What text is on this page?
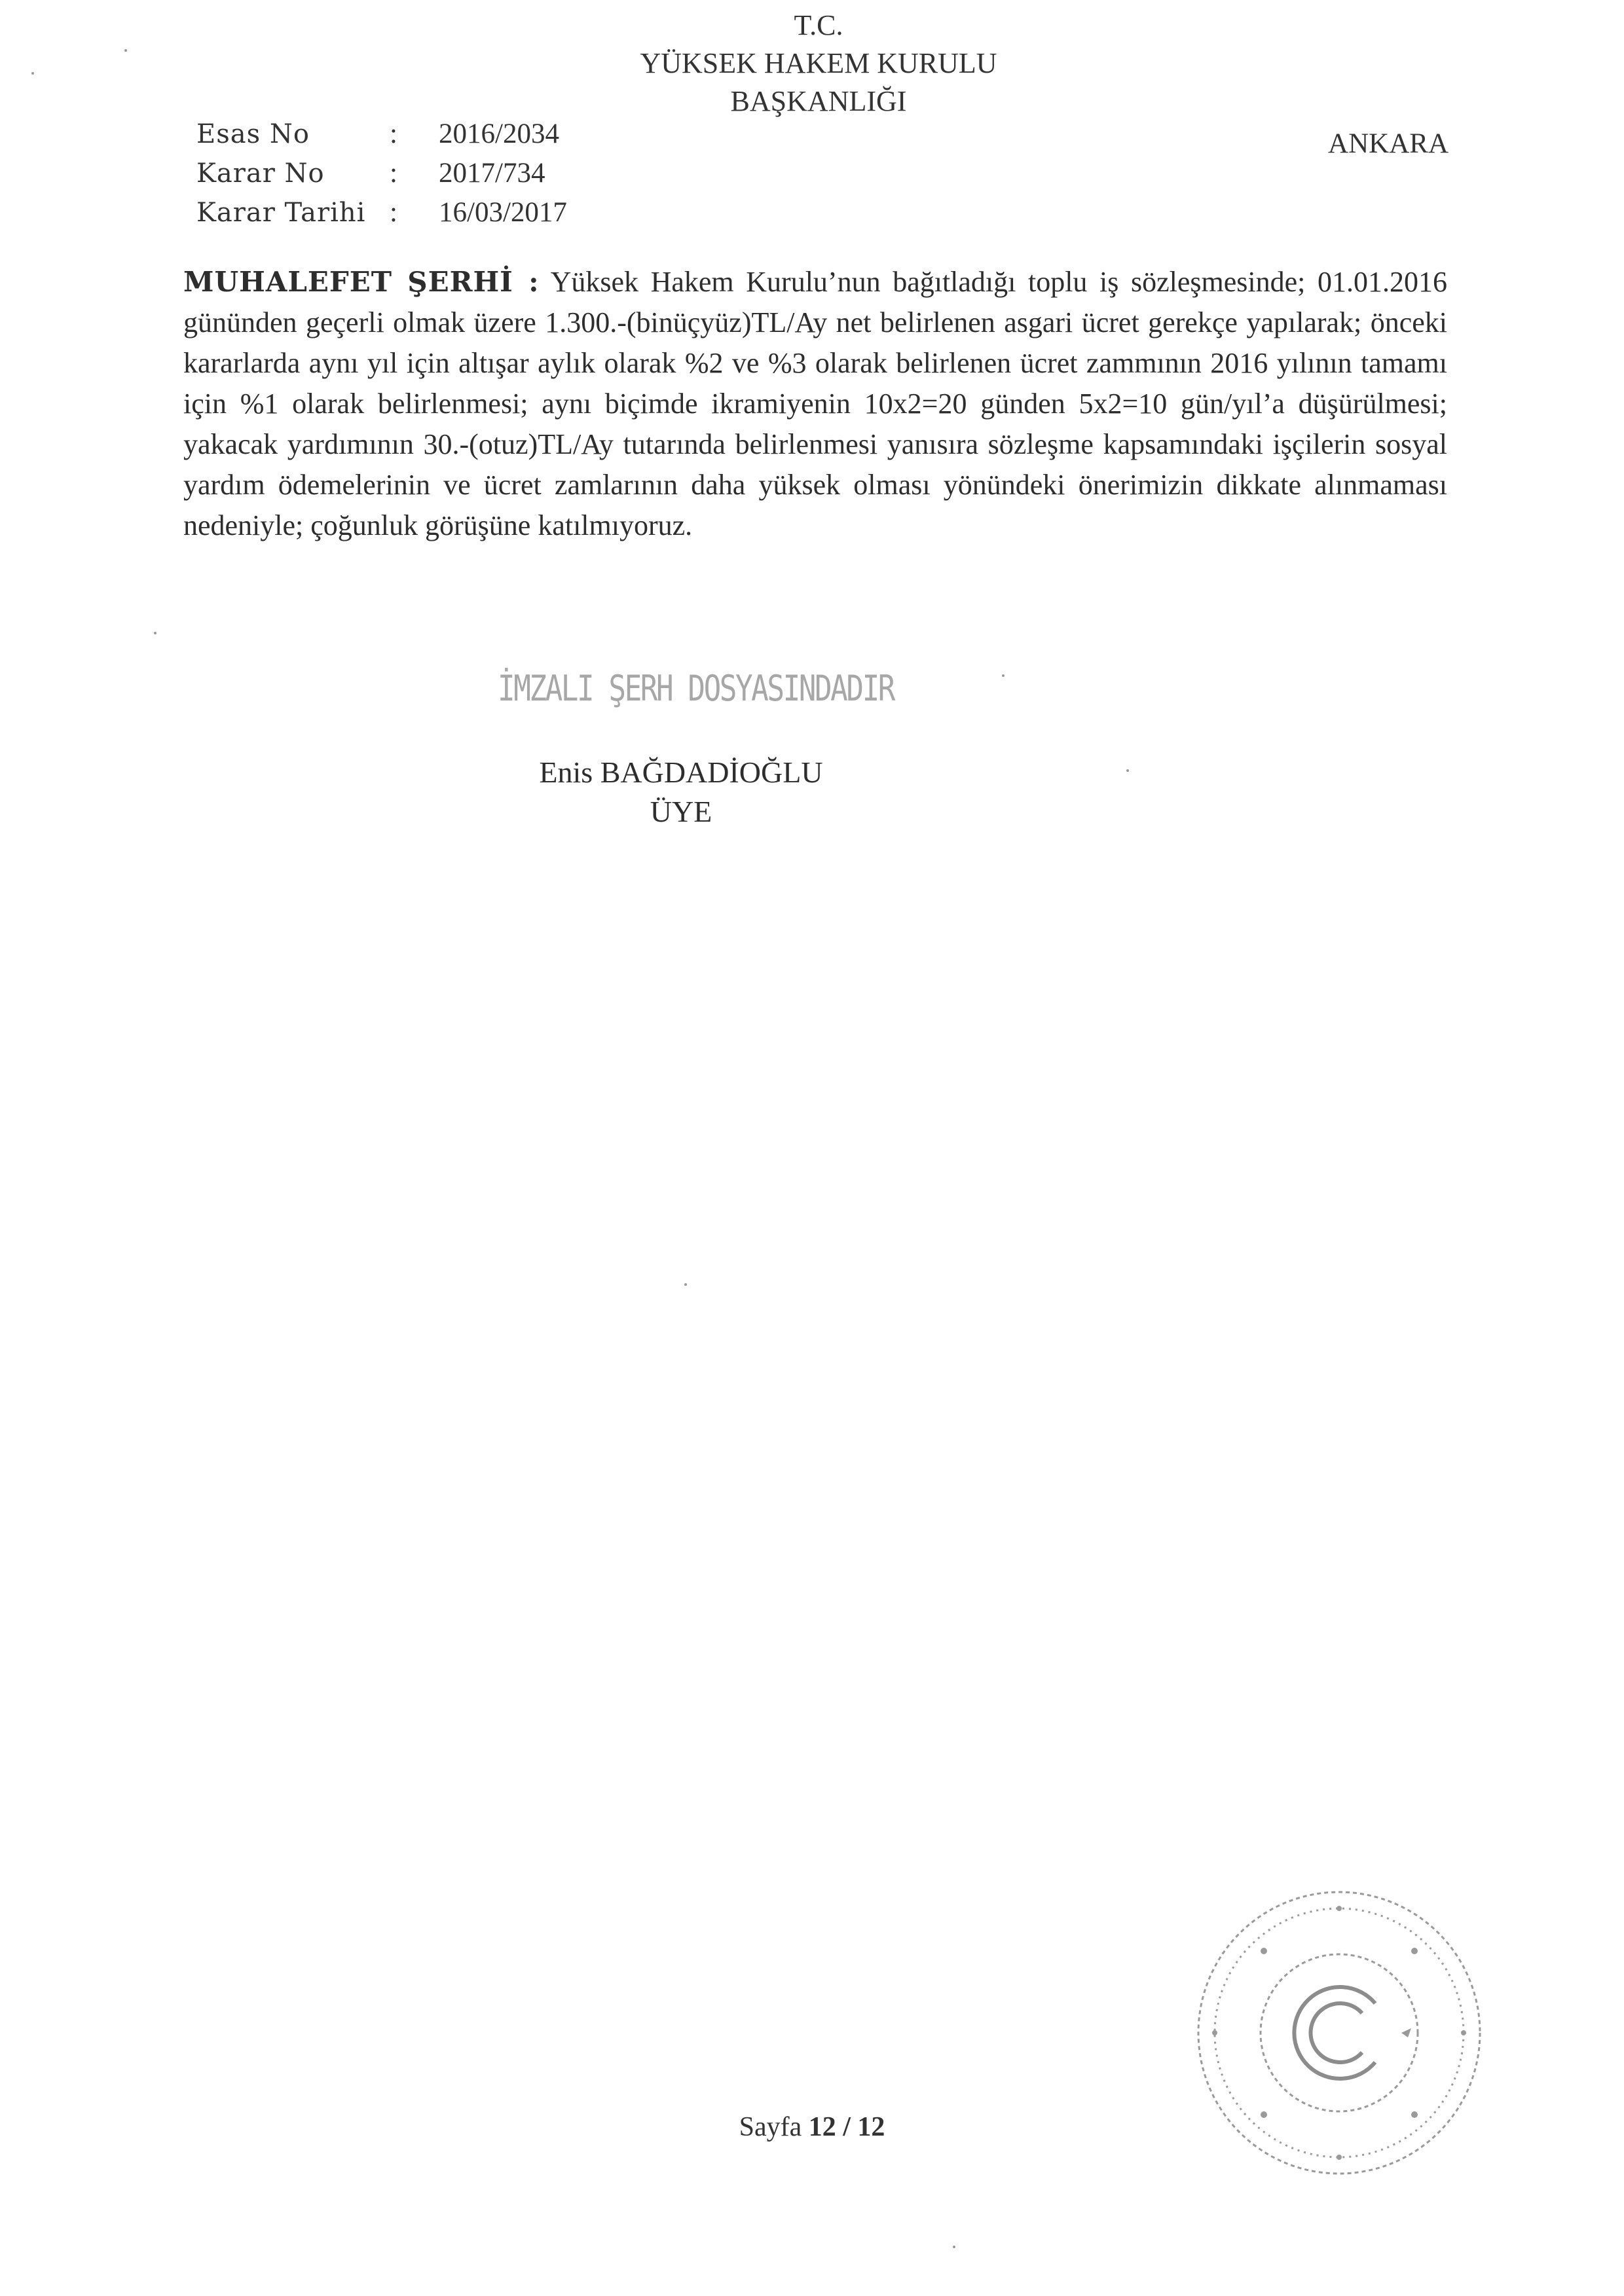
T.C.
YÜKSEK HAKEM KURULU
BAŞKANLIĞI
Esas No	:	2016/2034
Karar No	:	2017/734
Karar Tarihi :	16/03/2017
ANKARA
MUHALEFET ŞERHİ : Yüksek Hakem Kurulu’nun bağıtladığı toplu iş sözleşmesinde; 01.01.2016 gününden geçerli olmak üzere 1.300.-(binüçyüz)TL/Ay net belirlenen asgari ücret gerekçe yapılarak; önceki kararlarda aynı yıl için altışar aylık olarak %2 ve %3 olarak belirlenen ücret zammının 2016 yılının tamamı için %1 olarak belirlenmesi; aynı biçimde ikramiyenin 10x2=20 günden 5x2=10 gün/yıl’a düşürülmesi; yakacak yardımının 30.-(otuz)TL/Ay tutarında belirlenmesi yanısıra sözleşme kapsamındaki işçilerin sosyal yardım ödemelerinin ve ücret zamlarının daha yüksek olması yönündeki önerimizin dikkate alınmaması nedeniyle; çoğunluk görüşüne katılmıyoruz.
İMZALI ŞERH DOSYASINDADIR
Enis BAĞDADİOĞLU
ÜYE
Sayfa 12 / 12
